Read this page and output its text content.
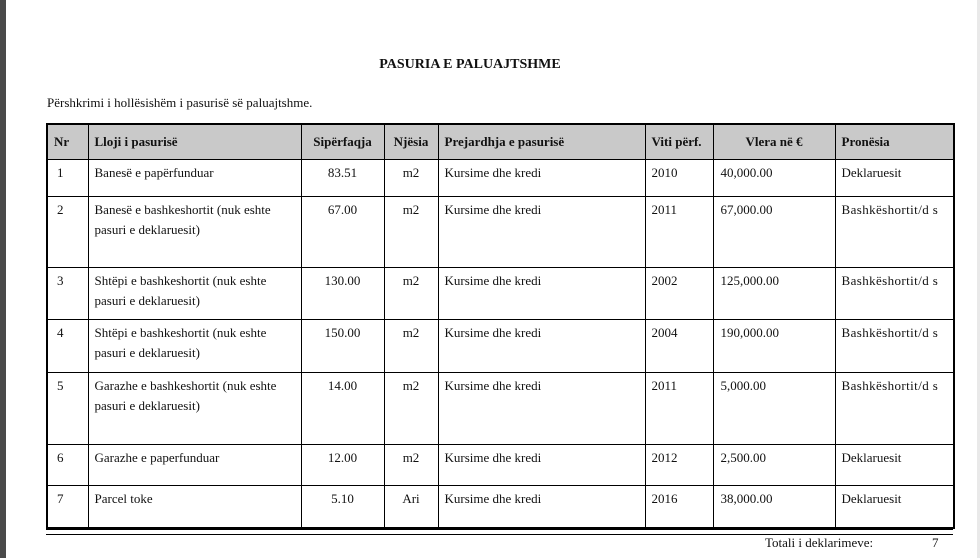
PASURIA E PALUAJTSHME
Përshkrimi i hollësishëm i pasurisë së paluajtshme.
Nr	Lloji i pasurisë	Sipërfaqja	Njësia	Prejardhja e pasurisë	Viti përf.	Vlera në €	Pronësia
1	Banesë e papërfunduar	83.51	m2	Kursime dhe kredi	2010	40,000.00	Deklaruesit
2	Banesë e bashkeshortit (nuk eshte pasuri e deklaruesit)	67.00	m2	Kursime dhe kredi	2011	67,000.00	Bashkëshortit/d s

3	Shtëpi e bashkeshortit (nuk eshte pasuri e deklaruesit)	130.00	m2	Kursime dhe kredi	2002	125,000.00	Bashkëshortit/d s

4	Shtëpi e bashkeshortit (nuk eshte pasuri e deklaruesit)	150.00	m2	Kursime dhe kredi	2004	190,000.00	Bashkëshortit/d s

5	Garazhe e bashkeshortit (nuk eshte pasuri e deklaruesit)	14.00	m2	Kursime dhe kredi	2011	5,000.00	Bashkëshortit/d s

6	Garazhe e paperfunduar	12.00	m2	Kursime dhe kredi	2012	2,500.00	Deklaruesit
7	Parcel toke	5.10	Ari	Kursime dhe kredi	2016	38,000.00	Deklaruesit
Totali i deklarimeve:	7
